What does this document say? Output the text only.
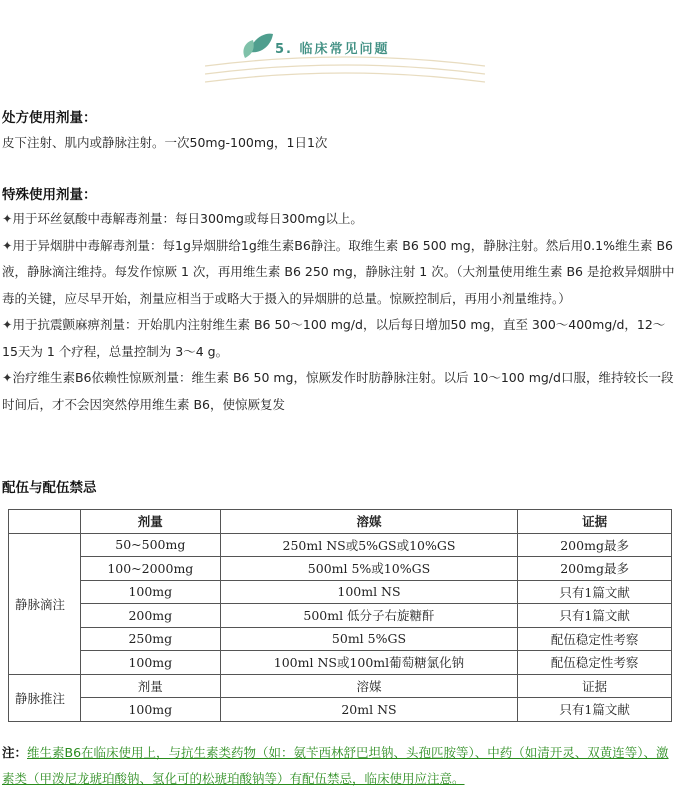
5. 临床常见问题
处方使用剂量：
皮下注射、肌内或静脉注射。一次50mg-100mg，1日1次
特殊使用剂量：
✦用于环丝氨酸中毒解毒剂量：每日300mg或每日300mg以上。
✦用于异烟肼中毒解毒剂量：每1g异烟肼给1g维生素B6静注。取维生素 B6 500 mg，静脉注射。然后用0.1%维生素 B6 液，静脉滴注维持。每发作惊厥 1 次，再用维生素 B6 250 mg，静脉注射 1 次。（大剂量使用维生素 B6 是抢救异烟肼中毒的关键，应尽早开始，剂量应相当于或略大于摄入的异烟肼的总量。惊厥控制后，再用小剂量维持。）
✦用于抗震颤麻痹剂量：开始肌内注射维生素 B6 50～100 mg/d，以后每日增加50 mg，直至 300～400mg/d，12～15天为 1 个疗程，总量控制为 3～4 g。
✦治疗维生素B6依赖性惊厥剂量：维生素 B6 50 mg，惊厥发作时肪静脉注射。以后 10～100 mg/d口服，维持较长一段时间后，才不会因突然停用维生素 B6，使惊厥复发
配伍与配伍禁忌
	剂量	溶媒	证据
静脉滴注	50~500mg	250ml NS或5%GS或10%GS	200mg最多
	100~2000mg	500ml 5%或10%GS	200mg最多
	100mg	100ml NS	只有1篇文献
	200mg	500ml 低分子右旋糖酐	只有1篇文献
	250mg	50ml 5%GS	配伍稳定性考察
	100mg	100ml NS或100ml葡萄糖氯化钠	配伍稳定性考察
静脉推注	剂量	溶媒	证据
	100mg	20ml NS	只有1篇文献
注：维生素B6在临床使用上，与抗生素类药物（如：氨苄西林舒巴坦钠、头孢匹胺等）、中药（如清开灵、双黄连等）、激素类（甲泼尼龙琥珀酸钠、氢化可的松琥珀酸钠等）有配伍禁忌，临床使用应注意。
